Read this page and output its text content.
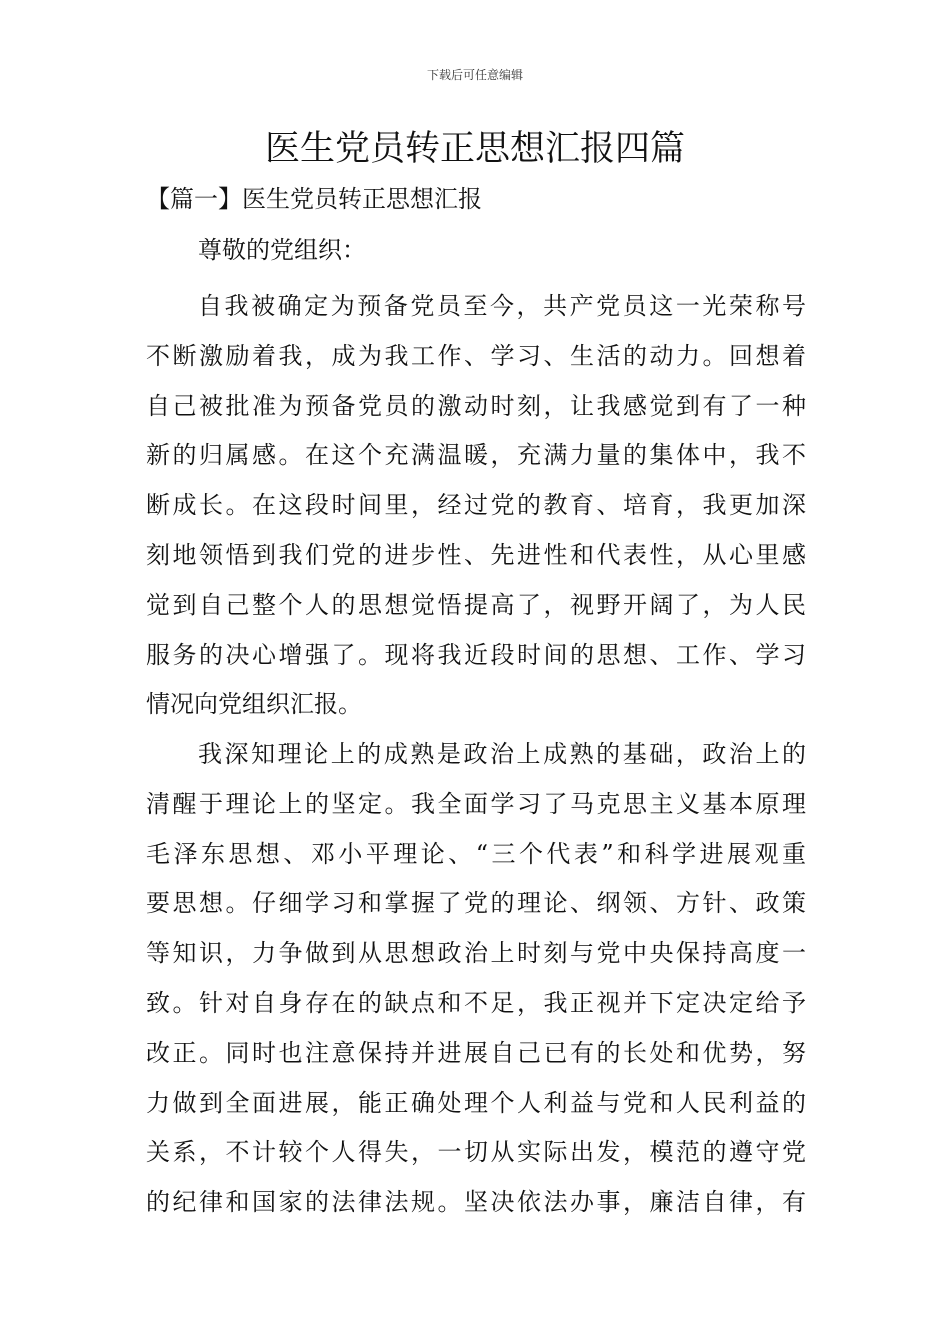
下载后可任意编辑
医生党员转正思想汇报四篇
【篇一】医生党员转正思想汇报
尊敬的党组织：
自我被确定为预备党员至今，共产党员这一光荣称号
不断激励着我，成为我工作、学习、生活的动力。回想着
自己被批准为预备党员的激动时刻，让我感觉到有了一种
新的归属感。在这个充满温暖，充满力量的集体中，我不
断成长。在这段时间里，经过党的教育、培育，我更加深
刻地领悟到我们党的进步性、先进性和代表性，从心里感
觉到自己整个人的思想觉悟提高了，视野开阔了，为人民
服务的决心增强了。现将我近段时间的思想、工作、学习
情况向党组织汇报。
我深知理论上的成熟是政治上成熟的基础，政治上的
清醒于理论上的坚定。我全面学习了马克思主义基本原理
毛泽东思想、邓小平理论、“三个代表”和科学进展观重
要思想。仔细学习和掌握了党的理论、纲领、方针、政策
等知识，力争做到从思想政治上时刻与党中央保持高度一
致。针对自身存在的缺点和不足，我正视并下定决定给予
改正。同时也注意保持并进展自己已有的长处和优势，努
力做到全面进展，能正确处理个人利益与党和人民利益的
关系，不计较个人得失，一切从实际出发，模范的遵守党
的纪律和国家的法律法规。坚决依法办事，廉洁自律，有
